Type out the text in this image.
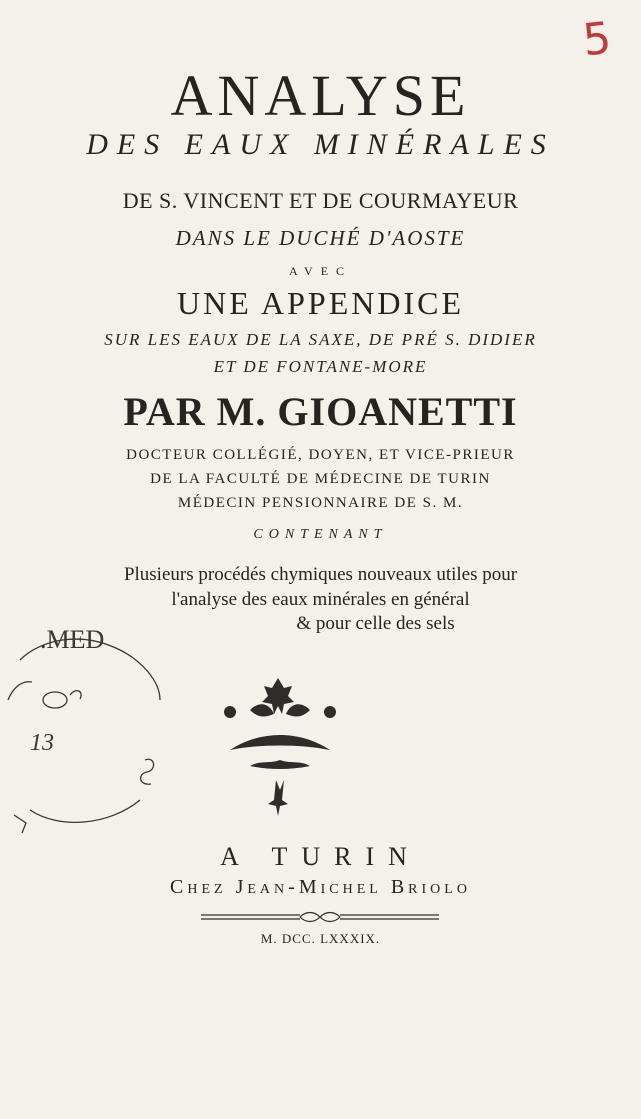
5
ANALYSE
DES EAUX MINÉRALES
DE S. VINCENT ET DE COURMAYEUR
DANS LE DUCHÉ D'AOSTE
AVEC
UNE APPENDICE
SUR LES EAUX DE LA SAXE, DE PRÉ S. DIDIER
ET DE FONTANE-MORE
PAR M. GIOANETTI
DOCTEUR COLLÉGIÉ, DOYEN, ET VICE-PRIEUR
DE LA FACULTÉ DE MÉDECINE DE TURIN
MÉDECIN PENSIONNAIRE DE S. M.
CONTENANT
Plusieurs procédés chymiques nouveaux utiles pour
l'analyse des eaux minérales en général
& pour celle des sels
.MED
13
A TURIN
Chez Jean-Michel Briolo
M. DCC. LXXXIX.
